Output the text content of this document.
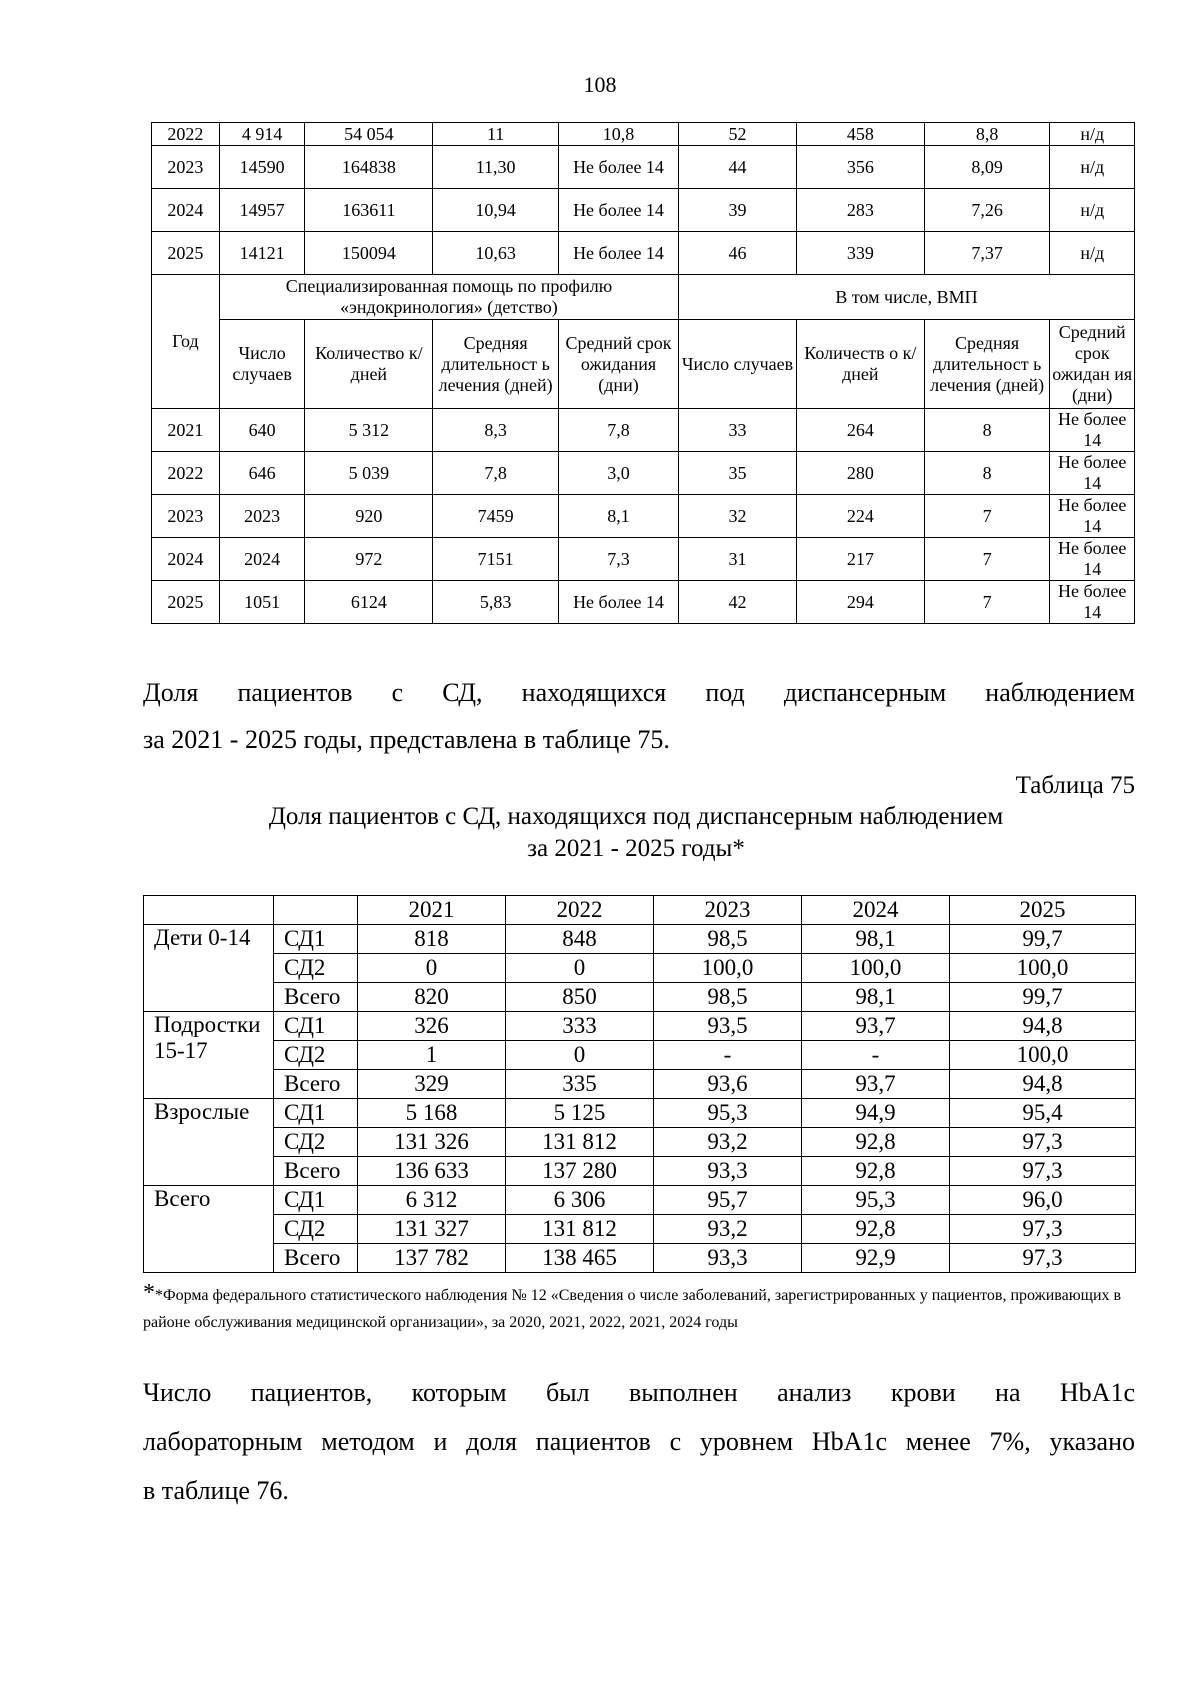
108
2022	4 914	54 054	11	10,8	52	458	8,8	н/д
2023	14590	164838	11,30	Не более 14	44	356	8,09	н/д
2024	14957	163611	10,94	Не более 14	39	283	7,26	н/д
2025	14121	150094	10,63	Не более 14	46	339	7,37	н/д
Год	Специализированная помощь по профилю «эндокринология» (детство)				В том числе, ВМП			
	Число случаев	Количество к/дней	Средняя длительност ь лечения (дней)	Средний срок ожидания (дни)	Число случаев	Количеств о к/дней	Средняя длительност ь лечения (дней)	Средний срок ожидан ия (дни)
2021	640	5 312	8,3	7,8	33	264	8	Не более 14
2022	646	5 039	7,8	3,0	35	280	8	Не более 14
2023	2023	920	7459	8,1	32	224	7	Не более 14
2024	2024	972	7151	7,3	31	217	7	Не более 14
2025	1051	6124	5,83	Не более 14	42	294	7	Не более 14
Доля пациентов с СД, находящихся под диспансерным наблюдением
за 2021 - 2025 годы, представлена в таблице 75.
Таблица 75
Доля пациентов с СД, находящихся под диспансерным наблюдением
за 2021 - 2025 годы*
		2021	2022	2023	2024	2025
Дети 0-14	СД1	818	848	98,5	98,1	99,7
	СД2	0	0	100,0	100,0	100,0
	Всего	820	850	98,5	98,1	99,7
Подростки 15-17	СД1	326	333	93,5	93,7	94,8
	СД2	1	0	-	-	100,0
	Всего	329	335	93,6	93,7	94,8
Взрослые	СД1	5 168	5 125	95,3	94,9	95,4
	СД2	131 326	131 812	93,2	92,8	97,3
	Всего	136 633	137 280	93,3	92,8	97,3
Всего	СД1	6 312	6 306	95,7	95,3	96,0
	СД2	131 327	131 812	93,2	92,8	97,3
	Всего	137 782	138 465	93,3	92,9	97,3
**Форма федерального статистического наблюдения № 12 «Сведения о числе заболеваний, зарегистрированных у пациентов, проживающих в районе обслуживания медицинской организации», за 2020, 2021, 2022, 2021, 2024 годы
Число пациентов, которым был выполнен анализ крови на HbA1c
лабораторным методом и доля пациентов с уровнем HbA1c менее 7%, указано
в таблице 76.
